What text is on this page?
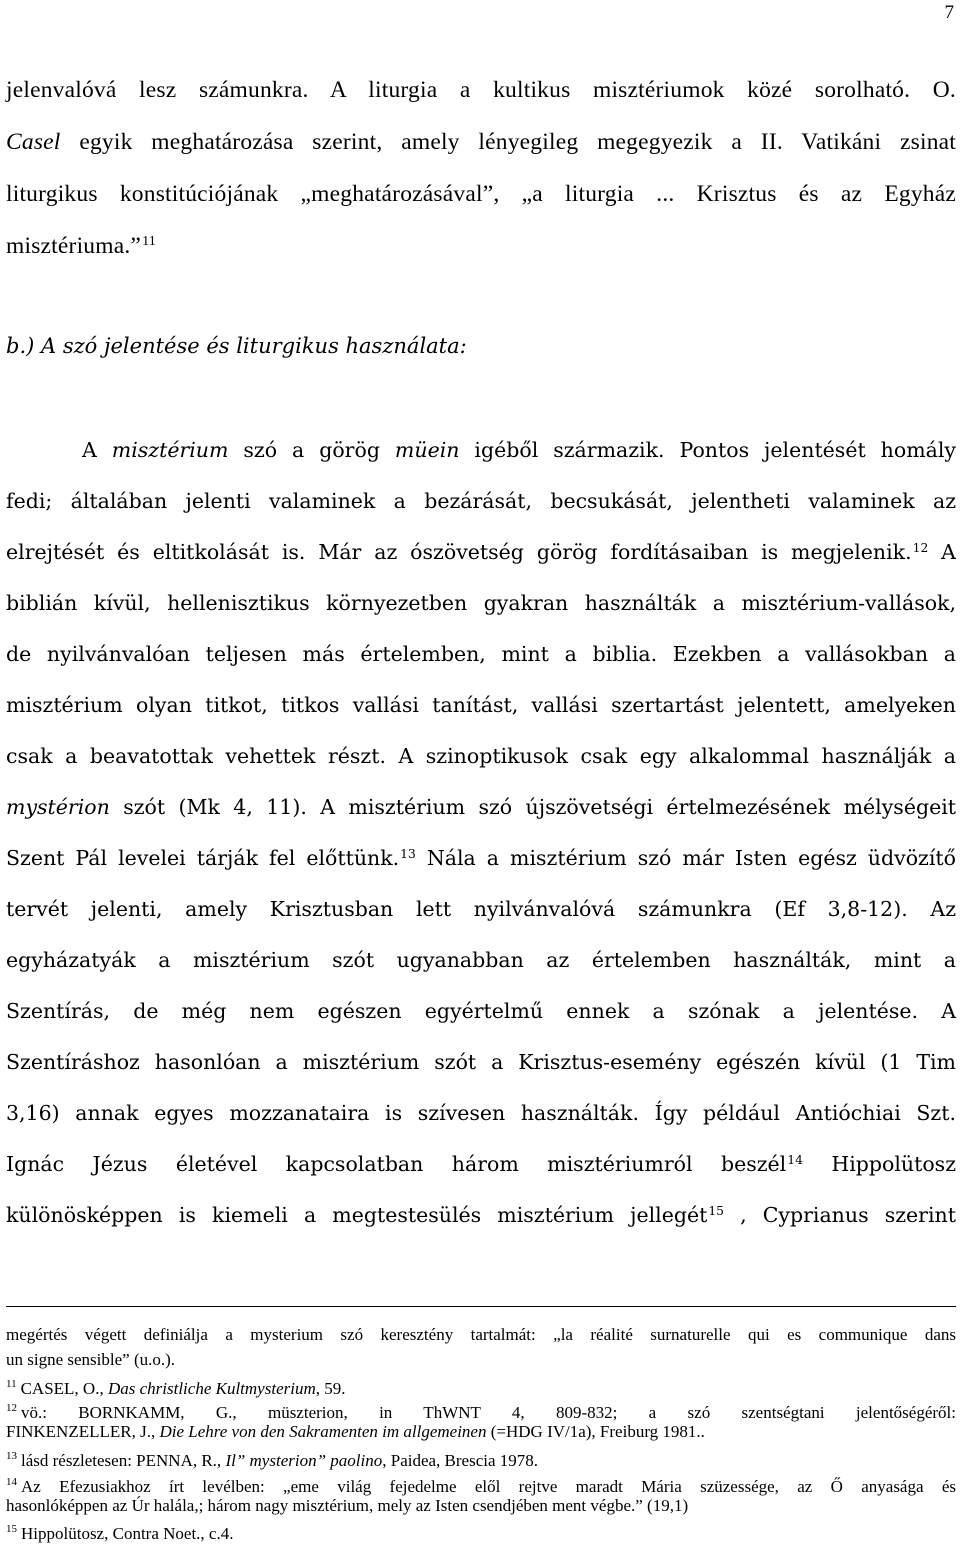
7
jelenvalóvá lesz számunkra. A liturgia a kultikus misztériumok közé sorolható. O.
Casel egyik meghatározása szerint, amely lényegileg megegyezik a II. Vatikáni zsinat
liturgikus konstitúciójának „meghatározásával”, „a liturgia ... Krisztus és az Egyház
misztériuma.”$^{11}$
b.) A szó jelentése és liturgikus használata:
A misztérium szó a görög müein igéből származik. Pontos jelentését homály
fedi; általában jelenti valaminek a bezárását, becsukását, jelentheti valaminek az
elrejtését és eltitkolását is. Már az ószövetség görög fordításaiban is megjelenik.$^{12}$ A
biblián kívül, hellenisztikus környezetben gyakran használták a misztérium-vallások,
de nyilvánvalóan teljesen más értelemben, mint a biblia. Ezekben a vallásokban a
misztérium olyan titkot, titkos vallási tanítást, vallási szertartást jelentett, amelyeken
csak a beavatottak vehettek részt. A szinoptikusok csak egy alkalommal használják a
mystérion szót (Mk 4, 11). A misztérium szó újszövetségi értelmezésének mélységeit
Szent Pál levelei tárják fel előttünk.$^{13}$ Nála a misztérium szó már Isten egész üdvözítő
tervét jelenti, amely Krisztusban lett nyilvánvalóvá számunkra (Ef 3,8-12). Az
egyházatyák a misztérium szót ugyanabban az értelemben használták, mint a
Szentírás, de még nem egészen egyértelmű ennek a szónak a jelentése. A
Szentíráshoz hasonlóan a misztérium szót a Krisztus-esemény egészén kívül (1 Tim
3,16) annak egyes mozzanataira is szívesen használták. Így például Antióchiai Szt.
Ignác Jézus életével kapcsolatban három misztériumról beszél$^{14}$ Hippolütosz
különösképpen is kiemeli a megtestesülés misztérium jellegét$^{15}$ , Cyprianus szerint
megértés végett definiálja a mysterium szó keresztény tartalmát: „la réalité surnaturelle qui es communique dans
un signe sensible” (u.o.).
$^{11}$ CASEL, O., Das christliche Kultmysterium, 59.
$^{12}$ vö.: BORNKAMM, G., müszterion, in ThWNT 4, 809-832; a szó szentségtani jelentőségéről:
FINKENZELLER, J., Die Lehre von den Sakramenten im allgemeinen (=HDG IV/1a), Freiburg 1981..
$^{13}$ lásd részletesen: PENNA, R., Il” mysterion” paolino, Paidea, Brescia 1978.
$^{14}$ Az Efezusiakhoz írt levélben: „eme világ fejedelme elől rejtve maradt Mária szüzessége, az Ő anyasága és
hasonlóképpen az Úr halála,; három nagy misztérium, mely az Isten csendjében ment végbe.” (19,1)
$^{15}$ Hippolütosz, Contra Noet., c.4.
